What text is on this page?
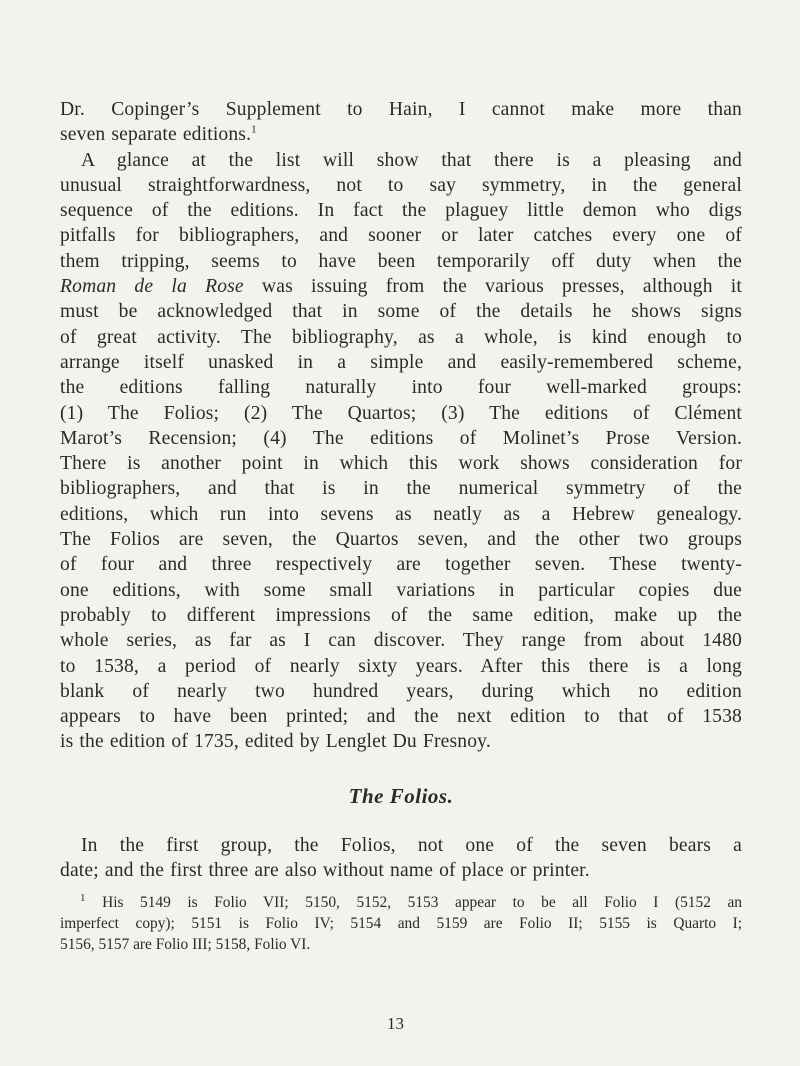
Dr. Copinger’s Supplement to Hain, I cannot make more than
seven separate editions.$^1$

A glance at the list will show that there is a pleasing and
unusual straightforwardness, not to say symmetry, in the general
sequence of the editions. In fact the plaguey little demon who digs
pitfalls for bibliographers, and sooner or later catches every one of
them tripping, seems to have been temporarily off duty when the
Roman de la Rose was issuing from the various presses, although it
must be acknowledged that in some of the details he shows signs
of great activity. The bibliography, as a whole, is kind enough to
arrange itself unasked in a simple and easily-remembered scheme,
the editions falling naturally into four well-marked groups:
(1) The Folios; (2) The Quartos; (3) The editions of Clément
Marot’s Recension; (4) The editions of Molinet’s Prose Version.
There is another point in which this work shows consideration for
bibliographers, and that is in the numerical symmetry of the
editions, which run into sevens as neatly as a Hebrew genealogy.
The Folios are seven, the Quartos seven, and the other two groups
of four and three respectively are together seven. These twenty-
one editions, with some small variations in particular copies due
probably to different impressions of the same edition, make up the
whole series, as far as I can discover. They range from about 1480
to 1538, a period of nearly sixty years. After this there is a long
blank of nearly two hundred years, during which no edition
appears to have been printed; and the next edition to that of 1538
is the edition of 1735, edited by Lenglet Du Fresnoy.

The Folios.

In the first group, the Folios, not one of the seven bears a
date; and the first three are also without name of place or printer.

$^1$ His 5149 is Folio VII; 5150, 5152, 5153 appear to be all Folio I (5152 an
imperfect copy); 5151 is Folio IV; 5154 and 5159 are Folio II; 5155 is Quarto I;
5156, 5157 are Folio III; 5158, Folio VI.
13
